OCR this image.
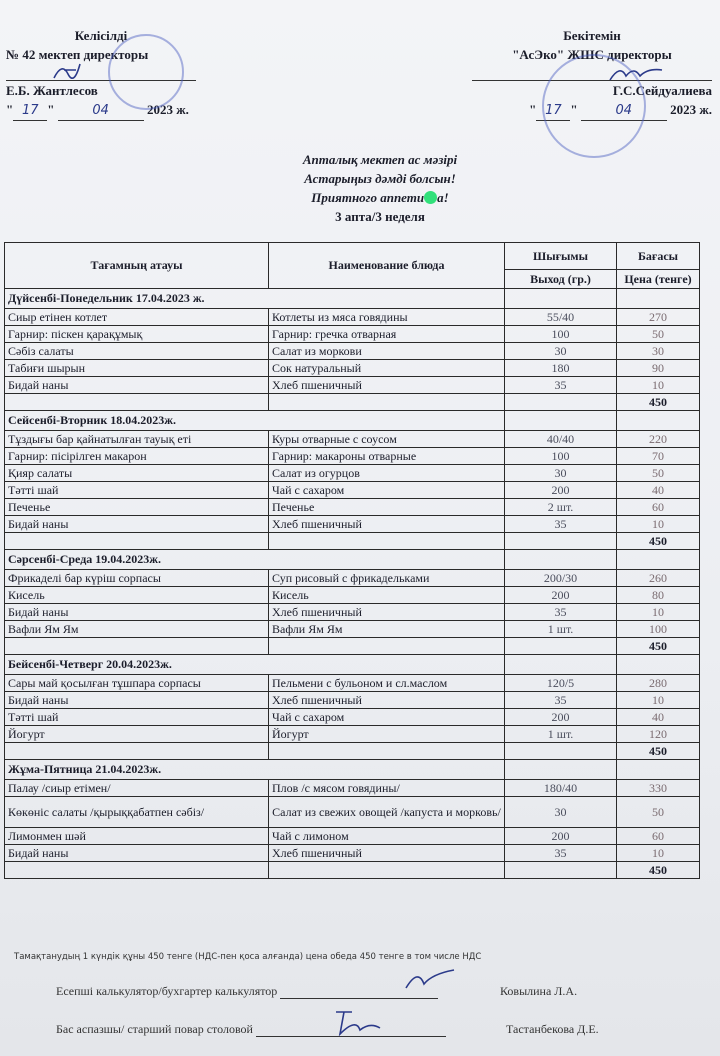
Келісілді
№ 42 мектеп директоры
Е.Б. Жантлесов
" 17 "	04	2023 ж.
Бекітемін
"АсЭко" ЖШС директоры
Г.С.Сейдуалиева
" 17 "	04	2023 ж.
Апталық мектеп ас мәзірі
Астарыңыз дәмді болсын!
Приятного аппети а!
3 апта/3 неделя
Тағамның атауы	Наименование блюда	Шығымы	Бағасы
		Выход (гр.)	Цена (тенге)
Дүйсенбі-Понедельник 17.04.2023 ж.			
Сиыр етінен котлет	Котлеты из мяса говядины	55/40	270
Гарнир: піскен қарақұмық	Гарнир: гречка отварная	100	50
Сәбіз салаты	Салат из моркови	30	30
Табиғи шырын	Сок натуральный	180	90
Бидай наны	Хлеб пшеничный	35	10
			450
Сейсенбі-Вторник 18.04.2023ж.			
Тұздығы бар қайнатылған тауық еті	Куры отварные с соусом	40/40	220
Гарнир: пісірілген макарон	Гарнир: макароны отварные	100	70
Қияр салаты	Салат из огурцов	30	50
Тәтті шай	Чай с сахаром	200	40
Печенье	Печенье	2 шт.	60
Бидай наны	Хлеб пшеничный	35	10
			450
Сәрсенбі-Среда 19.04.2023ж.			
Фрикаделі бар күріш сорпасы	Суп рисовый с фрикадельками	200/30	260
Кисель	Кисель	200	80
Бидай наны	Хлеб пшеничный	35	10
Вафли Ям Ям	Вафли Ям Ям	1 шт.	100
			450
Бейсенбі-Четверг 20.04.2023ж.			
Сары май қосылған тұшпара сорпасы	Пельмени с бульоном и сл.маслом	120/5	280
Бидай наны	Хлеб пшеничный	35	10
Тәтті шай	Чай с сахаром	200	40
Йогурт	Йогурт	1 шт.	120
			450
Жұма-Пятница 21.04.2023ж.			
Палау /сиыр етімен/	Плов /с мясом говядины/	180/40	330
Көкөніс салаты /қырыққабатпен сәбіз/	Салат из свежих овощей /капуста и морковь/	30	50
Лимонмен шәй	Чай с лимоном	200	60
Бидай наны	Хлеб пшеничный	35	10
			450
Тамақтанудың 1 күндік құны 450 тенге (НДС-пен қоса алғанда) цена обеда 450 тенге в том числе НДС
Есепші калькулятор/бухгартер калькулятор	Ковылина Л.А.
Бас аспазшы/ старший повар столовой	Тастанбекова Д.Е.
